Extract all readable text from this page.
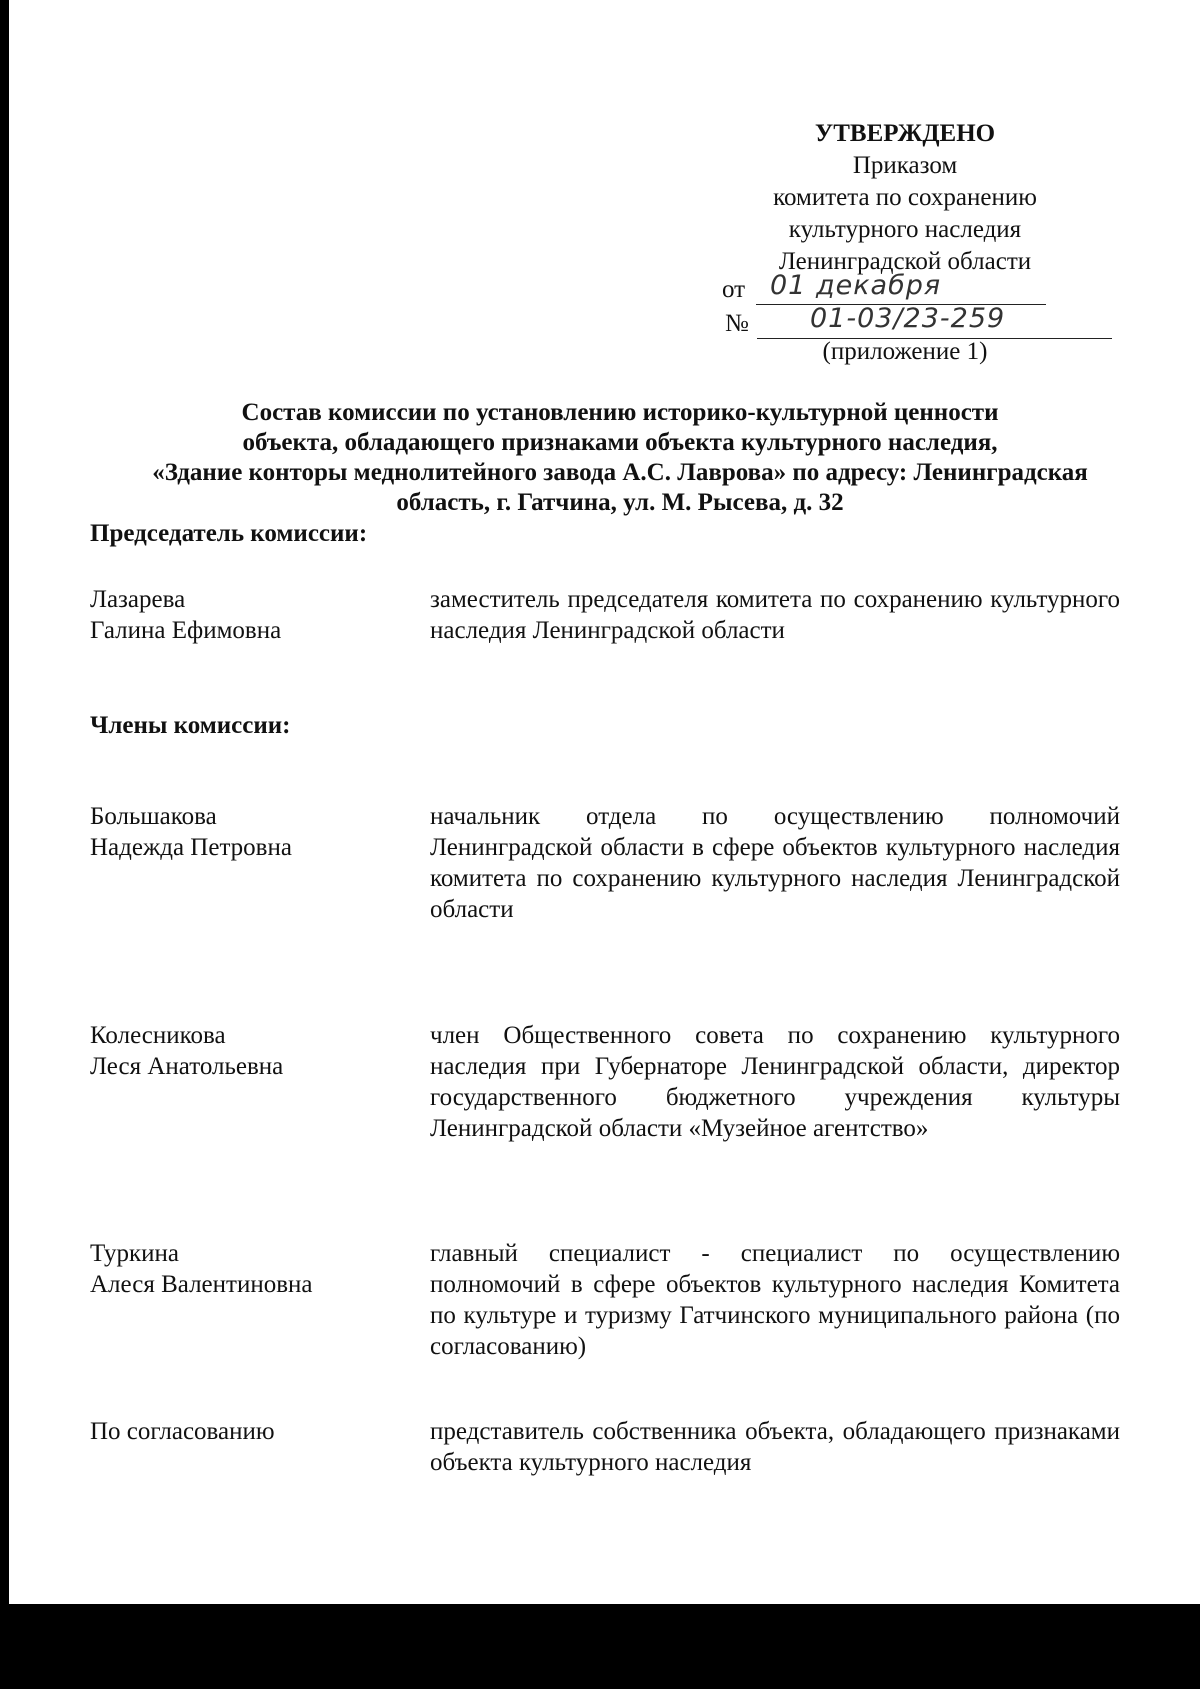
УТВЕРЖДЕНО
Приказом
комитета по сохранению
культурного наследия
Ленинградской области
от 01 декабря
№ 01-03/23-259
(приложение 1)
Состав комиссии по установлению историко-культурной ценности
объекта, обладающего признаками объекта культурного наследия,
«Здание конторы меднолитейного завода А.С. Лаврова» по адресу: Ленинградская
область, г. Гатчина, ул. М. Рысева, д. 32
Председатель комиссии:
Лазарева
Галина Ефимовна
заместитель председателя комитета по сохранению культурного наследия Ленинградской области
Члены комиссии:
Большакова
Надежда Петровна
начальник отдела по осуществлению полномочий Ленинградской области в сфере объектов культурного наследия комитета по сохранению культурного наследия Ленинградской области
Колесникова
Леся Анатольевна
член Общественного совета по сохранению культурного наследия при Губернаторе Ленинградской области, директор государственного бюджетного учреждения культуры Ленинградской области «Музейное агентство»
Туркина
Алеся Валентиновна
главный специалист - специалист по осуществлению полномочий в сфере объектов культурного наследия Комитета по культуре и туризму Гатчинского муниципального района (по согласованию)
По согласованию	представитель собственника объекта, обладающего признаками объекта культурного наследия
